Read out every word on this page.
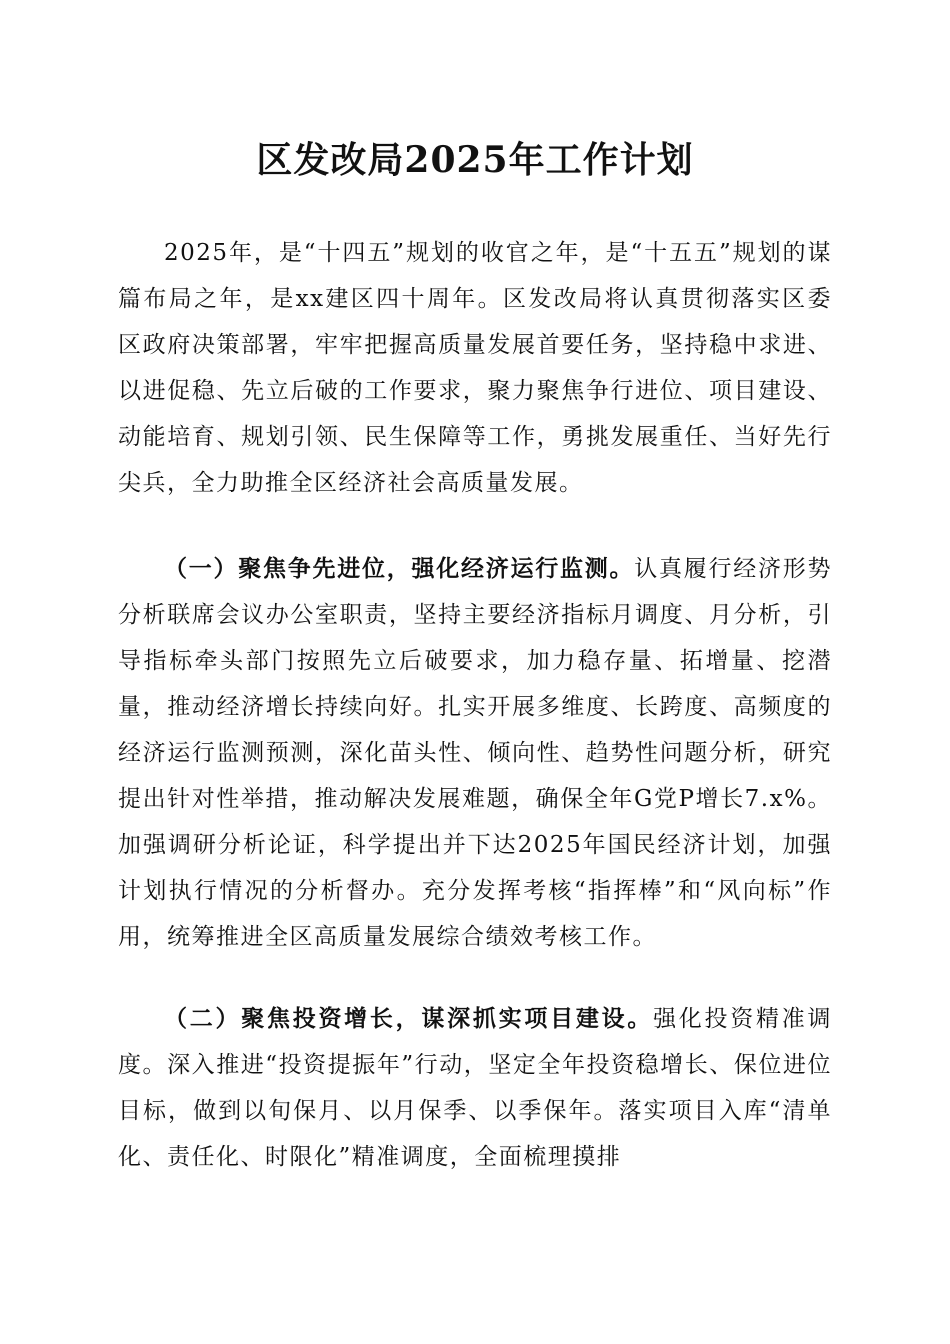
区发改局2025年工作计划

2025年，是“十四五”规划的收官之年，是“十五五”规划的谋篇布局之年，是xx建区四十周年。区发改局将认真贯彻落实区委区政府决策部署，牢牢把握高质量发展首要任务，坚持稳中求进、以进促稳、先立后破的工作要求，聚力聚焦争行进位、项目建设、动能培育、规划引领、民生保障等工作，勇挑发展重任、当好先行尖兵，全力助推全区经济社会高质量发展。

（一）聚焦争先进位，强化经济运行监测。认真履行经济形势分析联席会议办公室职责，坚持主要经济指标月调度、月分析，引导指标牵头部门按照先立后破要求，加力稳存量、拓增量、挖潜量，推动经济增长持续向好。扎实开展多维度、长跨度、高频度的经济运行监测预测，深化苗头性、倾向性、趋势性问题分析，研究提出针对性举措，推动解决发展难题，确保全年G党P增长7.x%。加强调研分析论证，科学提出并下达2025年国民经济计划，加强计划执行情况的分析督办。充分发挥考核“指挥棒”和“风向标”作用，统筹推进全区高质量发展综合绩效考核工作。

（二）聚焦投资增长，谋深抓实项目建设。强化投资精准调度。深入推进“投资提振年”行动，坚定全年投资稳增长、保位进位目标，做到以旬保月、以月保季、以季保年。落实项目入库“清单化、责任化、时限化”精准调度，全面梳理摸排
